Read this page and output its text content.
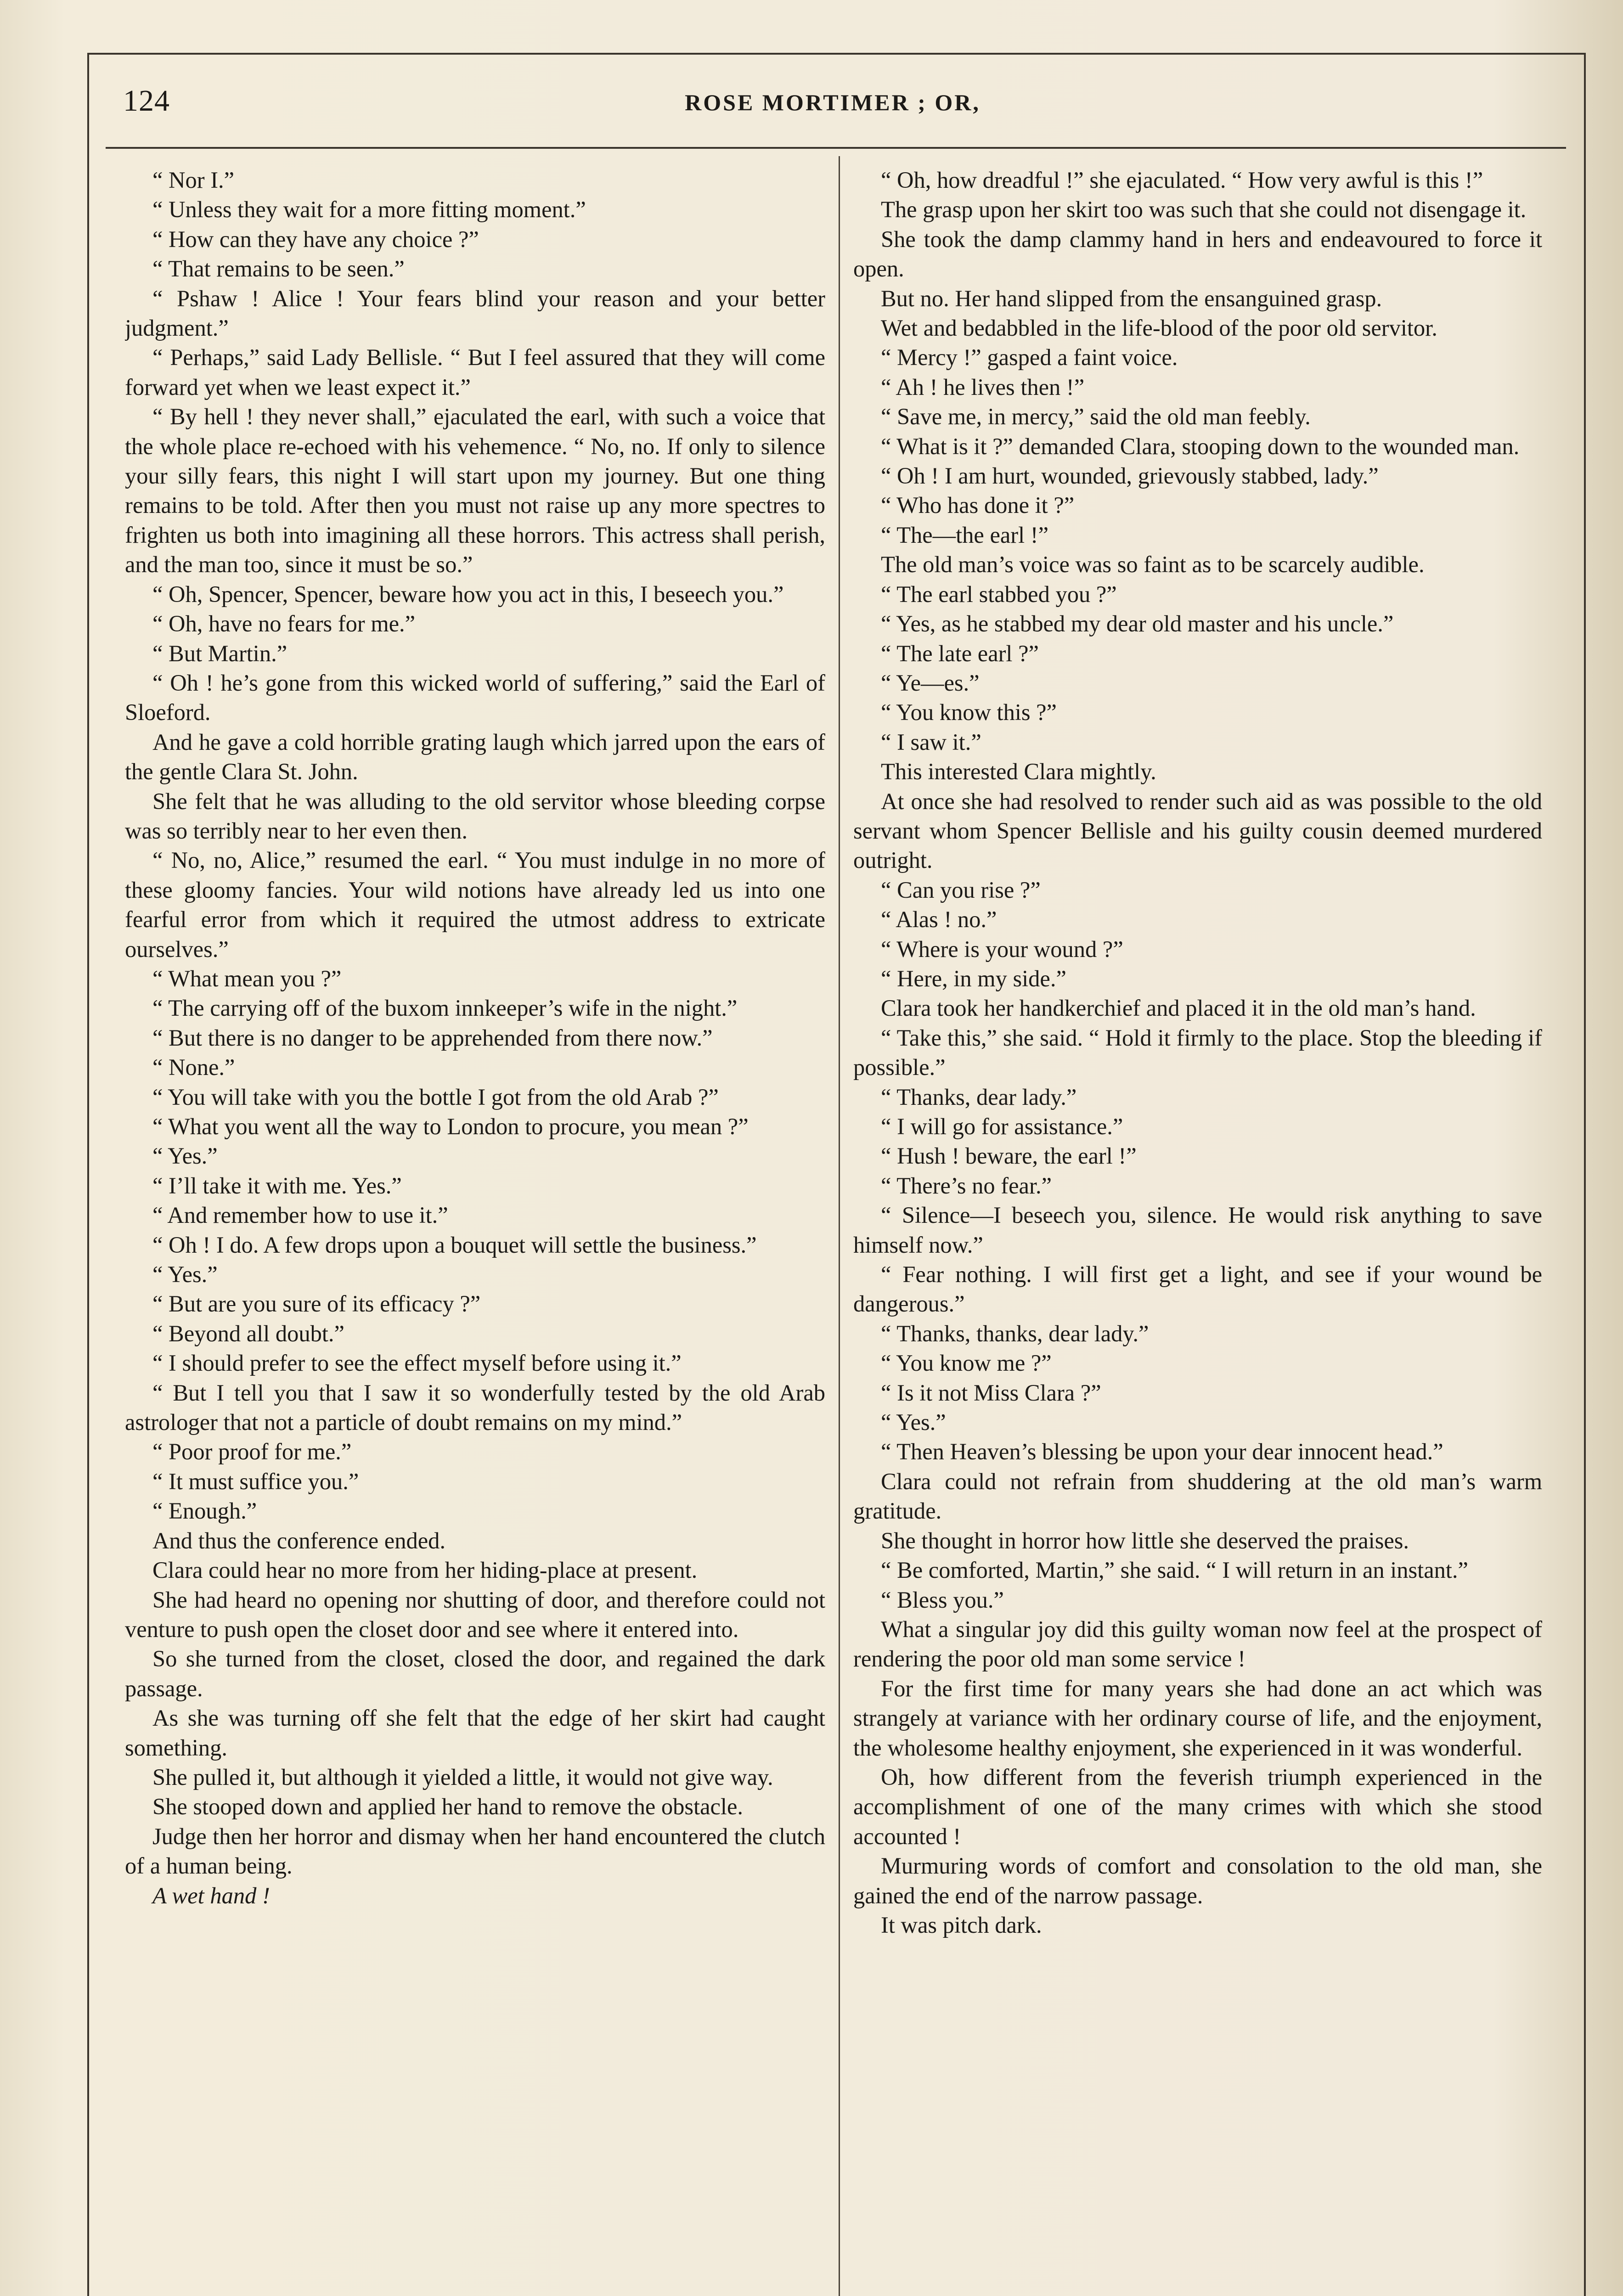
124	ROSE MORTIMER ; OR,

“ Nor I.”

“ Unless they wait for a more fitting moment.”

“ How can they have any choice ?”

“ That remains to be seen.”

“ Pshaw ! Alice ! Your fears blind your reason and your better judgment.”

“ Perhaps,” said Lady Bellisle. “ But I feel assured that they will come forward yet when we least expect it.”

“ By hell ! they never shall,” ejaculated the earl, with such a voice that the whole place re-echoed with his vehemence. “ No, no. If only to silence your silly fears, this night I will start upon my journey. But one thing remains to be told. After then you must not raise up any more spectres to frighten us both into imagining all these horrors. This actress shall perish, and the man too, since it must be so.”

“ Oh, Spencer, Spencer, beware how you act in this, I beseech you.”

“ Oh, have no fears for me.”

“ But Martin.”

“ Oh ! he’s gone from this wicked world of suffering,” said the Earl of Sloeford.

And he gave a cold horrible grating laugh which jarred upon the ears of the gentle Clara St. John.

She felt that he was alluding to the old servitor whose bleeding corpse was so terribly near to her even then.

“ No, no, Alice,” resumed the earl. “ You must indulge in no more of these gloomy fancies. Your wild notions have already led us into one fearful error from which it required the utmost address to extricate ourselves.”

“ What mean you ?”

“ The carrying off of the buxom innkeeper’s wife in the night.”

“ But there is no danger to be apprehended from there now.”

“ None.”

“ You will take with you the bottle I got from the old Arab ?”

“ What you went all the way to London to procure, you mean ?”

“ Yes.”

“ I’ll take it with me. Yes.”

“ And remember how to use it.”

“ Oh ! I do. A few drops upon a bouquet will settle the business.”

“ Yes.”

“ But are you sure of its efficacy ?”

“ Beyond all doubt.”

“ I should prefer to see the effect myself before using it.”

“ But I tell you that I saw it so wonderfully tested by the old Arab astrologer that not a particle of doubt remains on my mind.”

“ Poor proof for me.”

“ It must suffice you.”

“ Enough.”

And thus the conference ended.

Clara could hear no more from her hiding-place at present.

She had heard no opening nor shutting of door, and therefore could not venture to push open the closet door and see where it entered into.

So she turned from the closet, closed the door, and regained the dark passage.

As she was turning off she felt that the edge of her skirt had caught something.

She pulled it, but although it yielded a little, it would not give way.

She stooped down and applied her hand to remove the obstacle.

Judge then her horror and dismay when her hand encountered the clutch of a human being.

A wet hand !

“ Oh, how dreadful !” she ejaculated. “ How very awful is this !”

The grasp upon her skirt too was such that she could not disengage it.

She took the damp clammy hand in hers and endeavoured to force it open.

But no. Her hand slipped from the ensanguined grasp.

Wet and bedabbled in the life-blood of the poor old servitor.

“ Mercy !” gasped a faint voice.

“ Ah ! he lives then !”

“ Save me, in mercy,” said the old man feebly.

“ What is it ?” demanded Clara, stooping down to the wounded man.

“ Oh ! I am hurt, wounded, grievously stabbed, lady.”

“ Who has done it ?”

“ The—the earl !”

The old man’s voice was so faint as to be scarcely audible.

“ The earl stabbed you ?”

“ Yes, as he stabbed my dear old master and his uncle.”

“ The late earl ?”

“ Ye—es.”

“ You know this ?”

“ I saw it.”

This interested Clara mightly.

At once she had resolved to render such aid as was possible to the old servant whom Spencer Bellisle and his guilty cousin deemed murdered outright.

“ Can you rise ?”

“ Alas ! no.”

“ Where is your wound ?”

“ Here, in my side.”

Clara took her handkerchief and placed it in the old man’s hand.

“ Take this,” she said. “ Hold it firmly to the place. Stop the bleeding if possible.”

“ Thanks, dear lady.”

“ I will go for assistance.”

“ Hush ! beware, the earl !”

“ There’s no fear.”

“ Silence—I beseech you, silence. He would risk anything to save himself now.”

“ Fear nothing. I will first get a light, and see if your wound be dangerous.”

“ Thanks, thanks, dear lady.”

“ You know me ?”

“ Is it not Miss Clara ?”

“ Yes.”

“ Then Heaven’s blessing be upon your dear innocent head.”

Clara could not refrain from shuddering at the old man’s warm gratitude.

She thought in horror how little she deserved the praises.

“ Be comforted, Martin,” she said. “ I will return in an instant.”

“ Bless you.”

What a singular joy did this guilty woman now feel at the prospect of rendering the poor old man some service !

For the first time for many years she had done an act which was strangely at variance with her ordinary course of life, and the enjoyment, the wholesome healthy enjoyment, she experienced in it was wonderful.

Oh, how different from the feverish triumph experienced in the accomplishment of one of the many crimes with which she stood accounted !

Murmuring words of comfort and consolation to the old man, she gained the end of the narrow passage.

It was pitch dark.
